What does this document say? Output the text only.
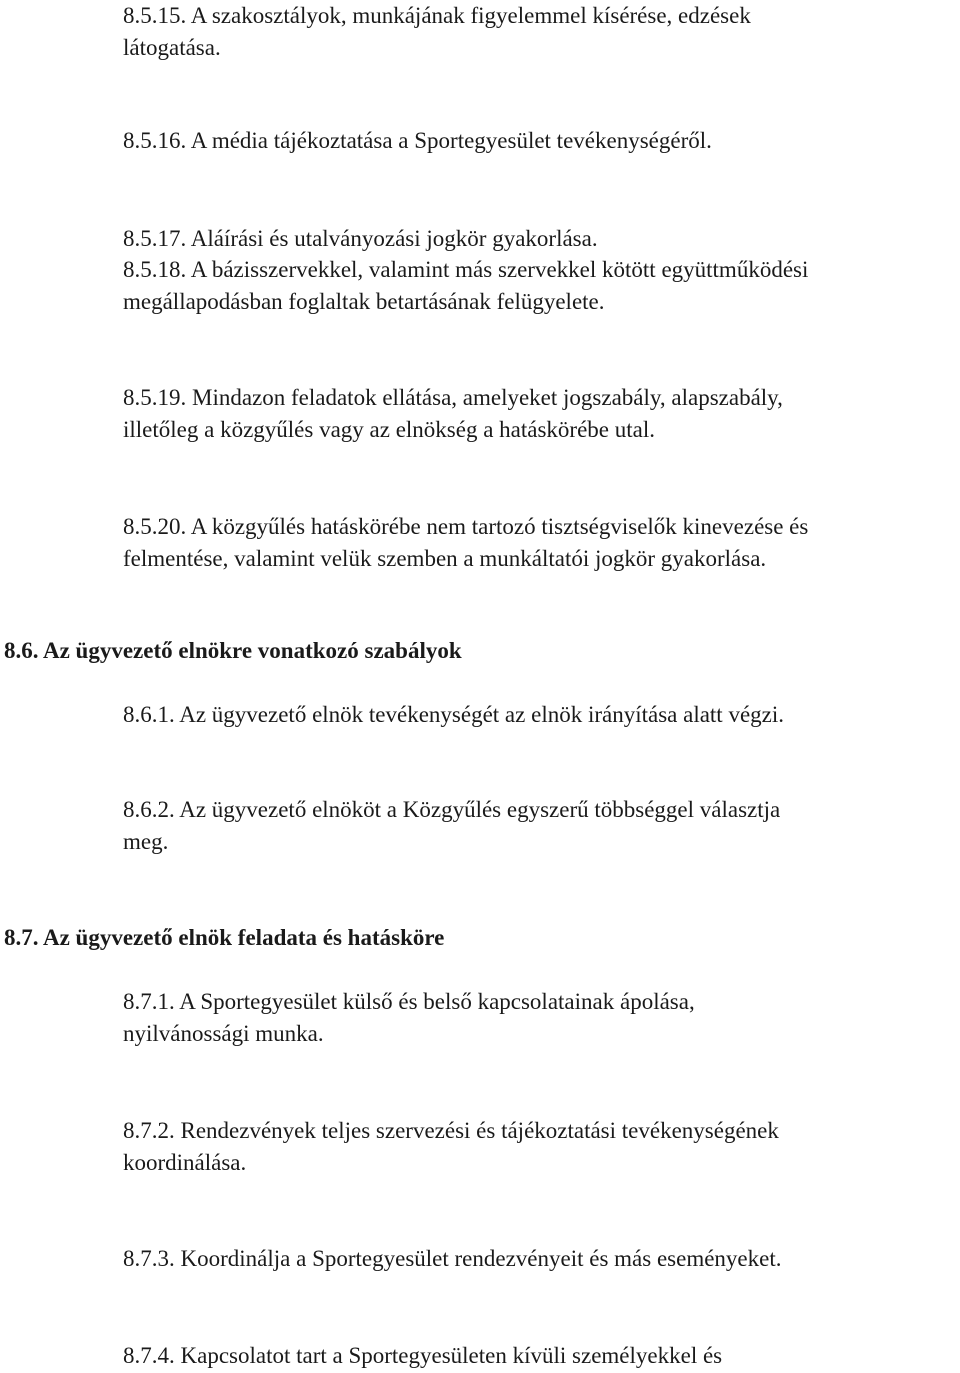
8.5.15. A szakosztályok, munkájának figyelemmel kísérése, edzések
látogatása.

8.5.16. A média tájékoztatása a Sportegyesület tevékenységéről.

8.5.17. Aláírási és utalványozási jogkör gyakorlása.

8.5.18. A bázisszervekkel, valamint más szervekkel kötött együttműködési
megállapodásban foglaltak betartásának felügyelete.

8.5.19. Mindazon feladatok ellátása, amelyeket jogszabály, alapszabály,
illetőleg a közgyűlés vagy az elnökség a hatáskörébe utal.

8.5.20. A közgyűlés hatáskörébe nem tartozó tisztségviselők kinevezése és
felmentése, valamint velük szemben a munkáltatói jogkör gyakorlása.

8.6. Az ügyvezető elnökre vonatkozó szabályok

8.6.1. Az ügyvezető elnök tevékenységét az elnök irányítása alatt végzi.

8.6.2. Az ügyvezető elnököt a Közgyűlés egyszerű többséggel választja
meg.

8.7. Az ügyvezető elnök feladata és hatásköre

8.7.1. A Sportegyesület külső és belső kapcsolatainak ápolása,
nyilvánossági munka.

8.7.2. Rendezvények teljes szervezési és tájékoztatási tevékenységének
koordinálása.

8.7.3. Koordinálja a Sportegyesület rendezvényeit és más eseményeket.

8.7.4. Kapcsolatot tart a Sportegyesületen kívüli személyekkel és
